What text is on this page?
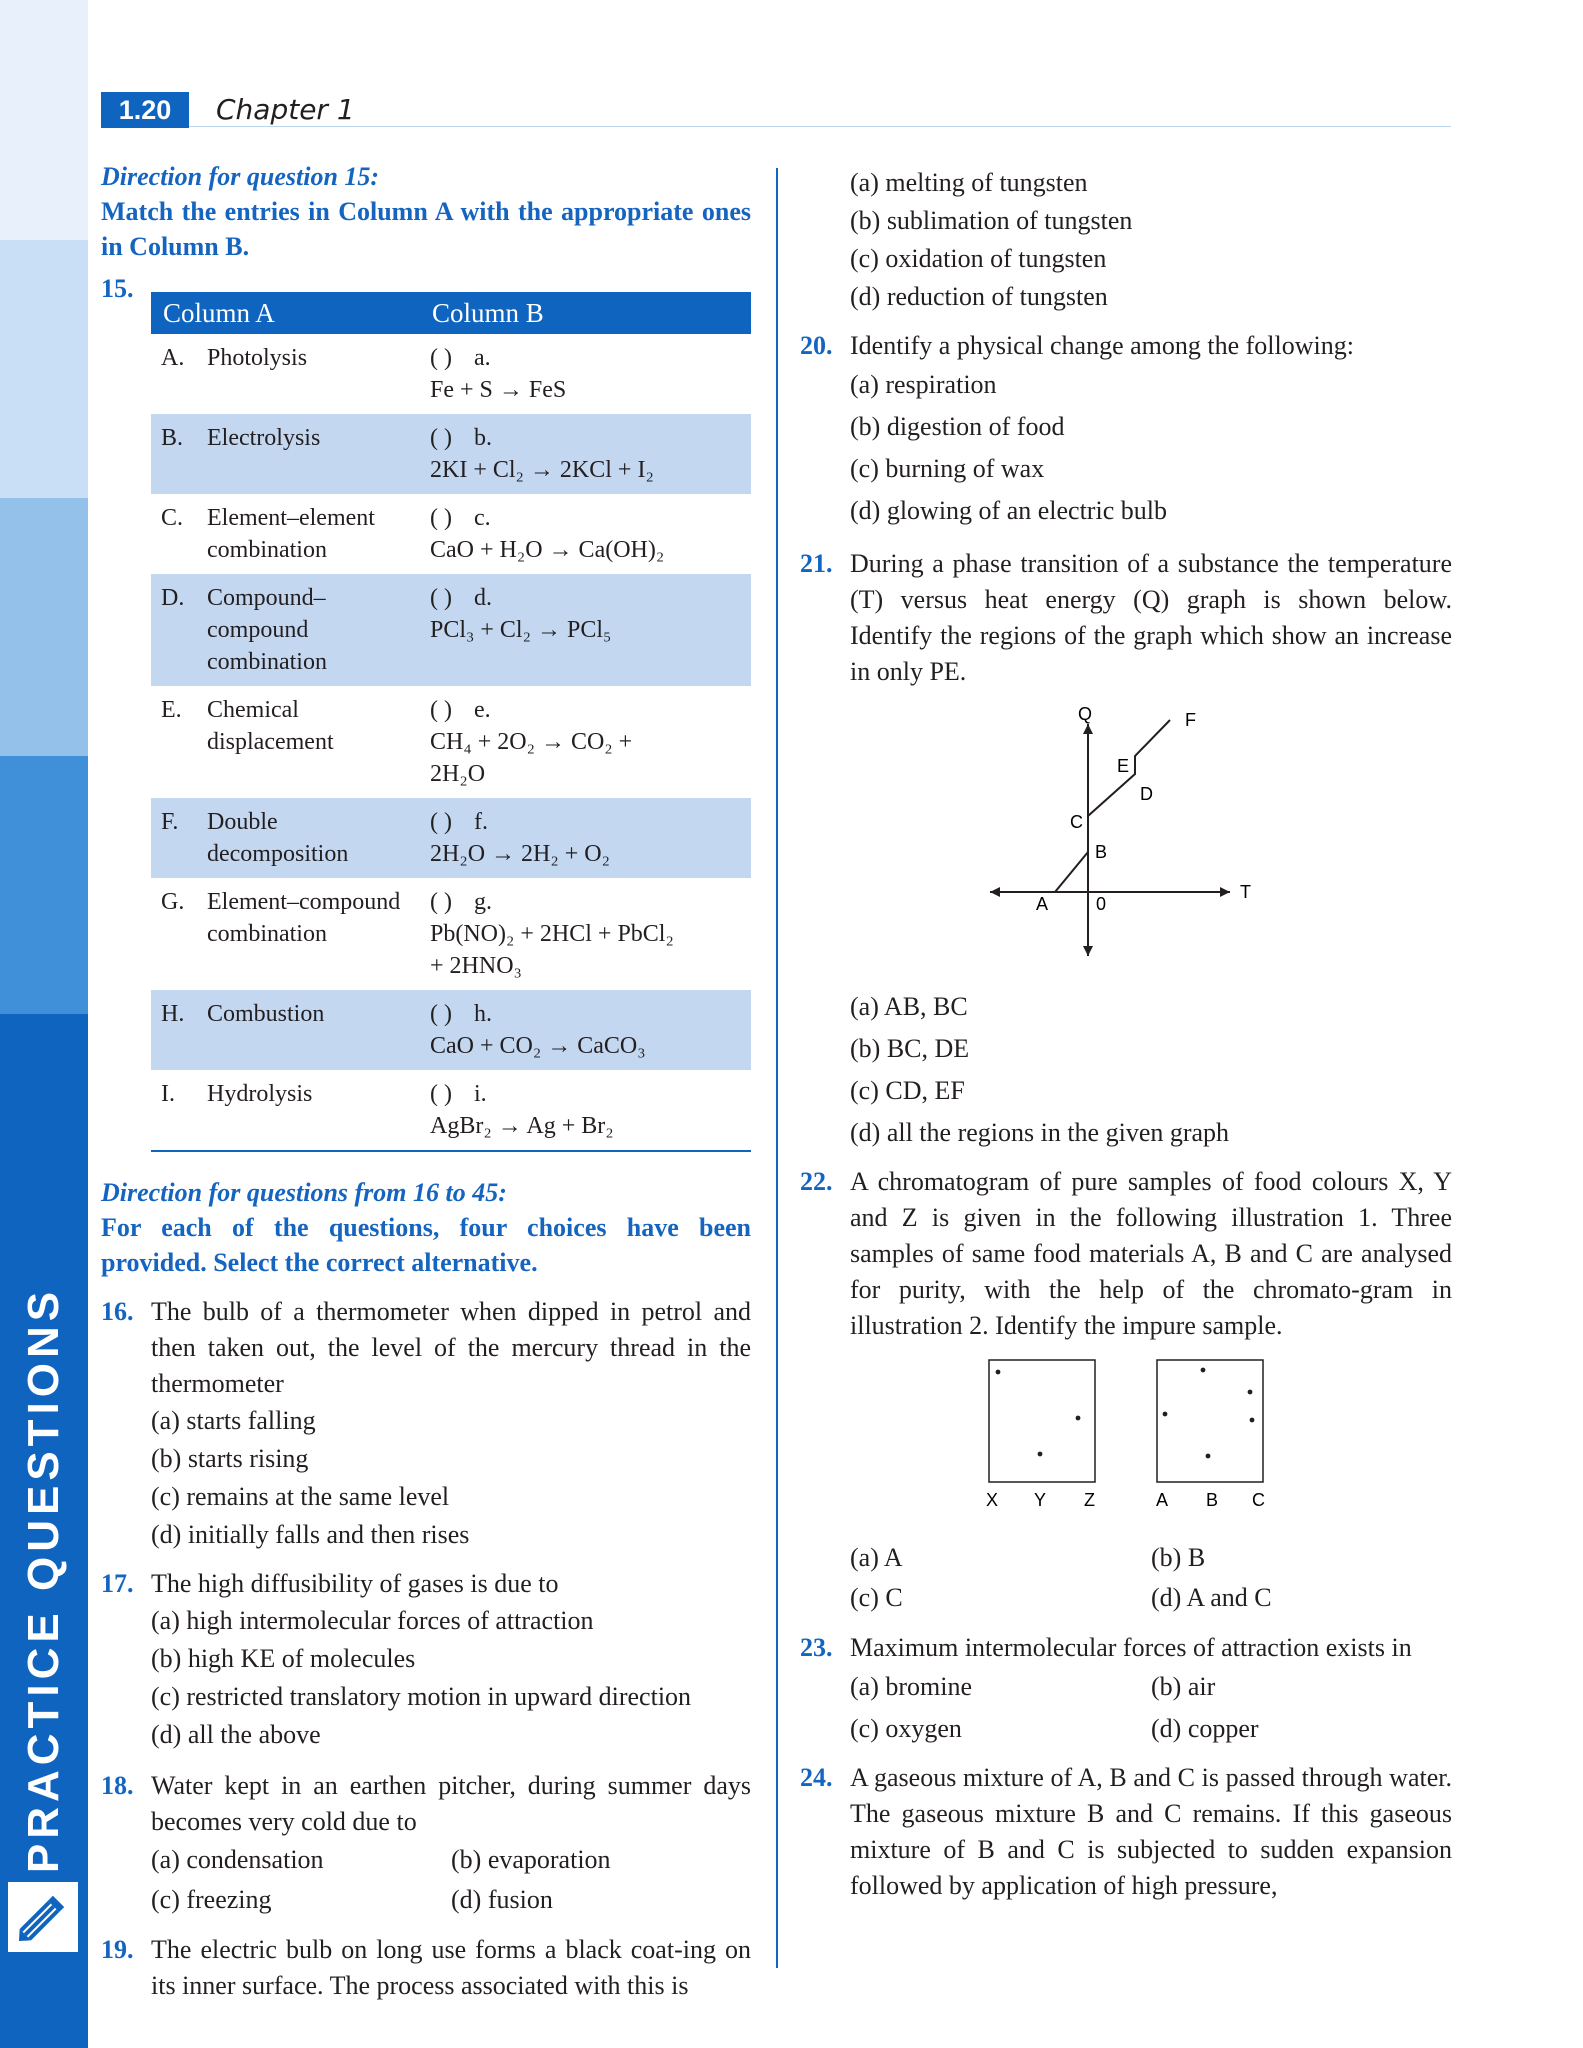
PRACTICE QUESTIONS
1.20	Chapter 1
Direction for question 15:
Match the entries in Column A with the appropriate ones in Column B.
15.
Column A	Column B
A. Photolysis	( ) a.Fe + S → FeS
B. Electrolysis	( ) b.2KI + Cl₂ → 2KCl + I₂
C. Element–element combination	( ) c.CaO + H₂O → Ca(OH)₂
D. Compound–compound combination	( ) d.PCl₃ + Cl₂ → PCl₅
E. Chemical displacement	( ) e.CH₄ + 2O₂ → CO₂ + 2H₂O
F. Double decomposition	( ) f.2H₂O → 2H₂ + O₂
G. Element–compound combination	( ) g.Pb(NO)₂ + 2HCl + PbCl₂ + 2HNO₃
H. Combustion	( ) h.CaO + CO₂ → CaCO₃
I. Hydrolysis	( ) i.AgBr₂ → Ag + Br₂
Direction for questions from 16 to 45:
For each of the questions, four choices have been provided. Select the correct alternative.
16. The bulb of a thermometer when dipped in petrol and then taken out, the level of the mercury thread in the thermometer
(a) starts falling
(b) starts rising
(c) remains at the same level
(d) initially falls and then rises
17. The high diffusibility of gases is due to
(a) high intermolecular forces of attraction
(b) high KE of molecules
(c) restricted translatory motion in upward direction
(d) all the above
18. Water kept in an earthen pitcher, during summer days becomes very cold due to
(a) condensation	(b) evaporation
(c) freezing	(d) fusion
19. The electric bulb on long use forms a black coat-ing on its inner surface. The process associated with this is
(a) melting of tungsten
(b) sublimation of tungsten
(c) oxidation of tungsten
(d) reduction of tungsten
20. Identify a physical change among the following:
(a) respiration
(b) digestion of food
(c) burning of wax
(d) glowing of an electric bulb
21. During a phase transition of a substance the temperature (T) versus heat energy (Q) graph is shown below. Identify the regions of the graph which show an increase in only PE.
Q
T
0
A
B
C
D
E
F
(a) AB, BC
(b) BC, DE
(c) CD, EF
(d) all the regions in the given graph
22. A chromatogram of pure samples of food colours X, Y and Z is given in the following illustration 1. Three samples of same food materials A, B and C are analysed for purity, with the help of the chromato-gram in illustration 2. Identify the impure sample.
X Y Z	A B C
(a) A	(b) B
(c) C	(d) A and C
23. Maximum intermolecular forces of attraction exists in
(a) bromine	(b) air
(c) oxygen	(d) copper
24. A gaseous mixture of A, B and C is passed through water. The gaseous mixture B and C remains. If this gaseous mixture of B and C is subjected to sudden expansion followed by application of high pressure,
